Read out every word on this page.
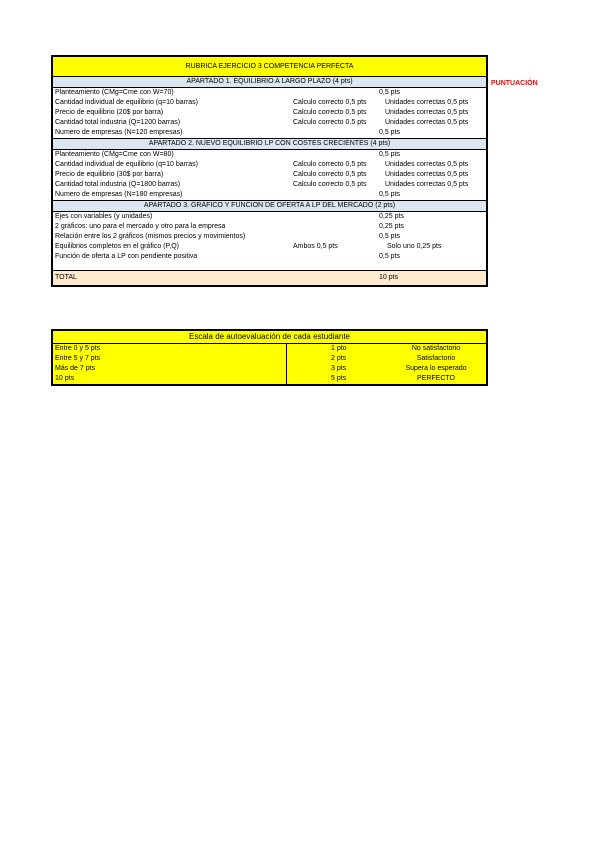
PUNTUACIÓN
RUBRICA EJERCICIO 3 COMPETENCIA PERFECTA
APARTADO 1. EQUILIBRIO A LARGO PLAZO (4 pts)
Planteamiento (CMg=Cme con W=70)	0,5 pts
Cantidad individual de equilibrio (q=10 barras)	Calculo correcto 0,5 pts	Unidades correctas 0,5 pts
Precio de equilibrio (20$ por barra)	Calculo correcto 0,5 pts	Unidades correctas 0,5 pts
Cantidad total industria (Q=1200 barras)	Calculo correcto 0,5 pts	Unidades correctas 0,5 pts
Numero de empresas (N=120 empresas)	0,5 pts
APARTADO 2. NUEVO EQUILIBRIO LP CON COSTES CRECIENTES (4 pts)
Planteamiento (CMg=Cme con W=80)	0,5 pts
Cantidad individual de equilibrio (q=10 barras)	Calculo correcto 0,5 pts	Unidades correctas 0,5 pts
Precio de equilibrio (30$ por barra)	Calculo correcto 0,5 pts	Unidades correctas 0,5 pts
Cantidad total industria (Q=1800 barras)	Calculo correcto 0,5 pts	Unidades correctas 0,5 pts
Numero de empresas (N=180 empresas)	0,5 pts
APARTADO 3. GRÁFICO Y FUNCION DE OFERTA A LP DEL MERCADO (2 pts)
Ejes con variables (y unidades)	0,25 pts
2 gráficos: uno para el mercado y otro para la empresa	0,25 pts
Relación entre los 2 gráficos (mismos precios y movimientos)	0,5 pts
Equilibrios completos en el gráfico (P,Q)	Ambos 0,5 pts	Solo uno 0,25 pts
Función de oferta a LP con pendiente positiva	0,5 pts
TOTAL	10 pts
Escala de autoevaluación de cada estudiante
Entre 0 y 5 pts	1 pto	No satisfactorio
Entre 5 y 7 pts	2 pts	Satisfactorio
Más de 7 pts	3 pts	Supera lo esperado
10 pts	5 pts	PERFECTO
